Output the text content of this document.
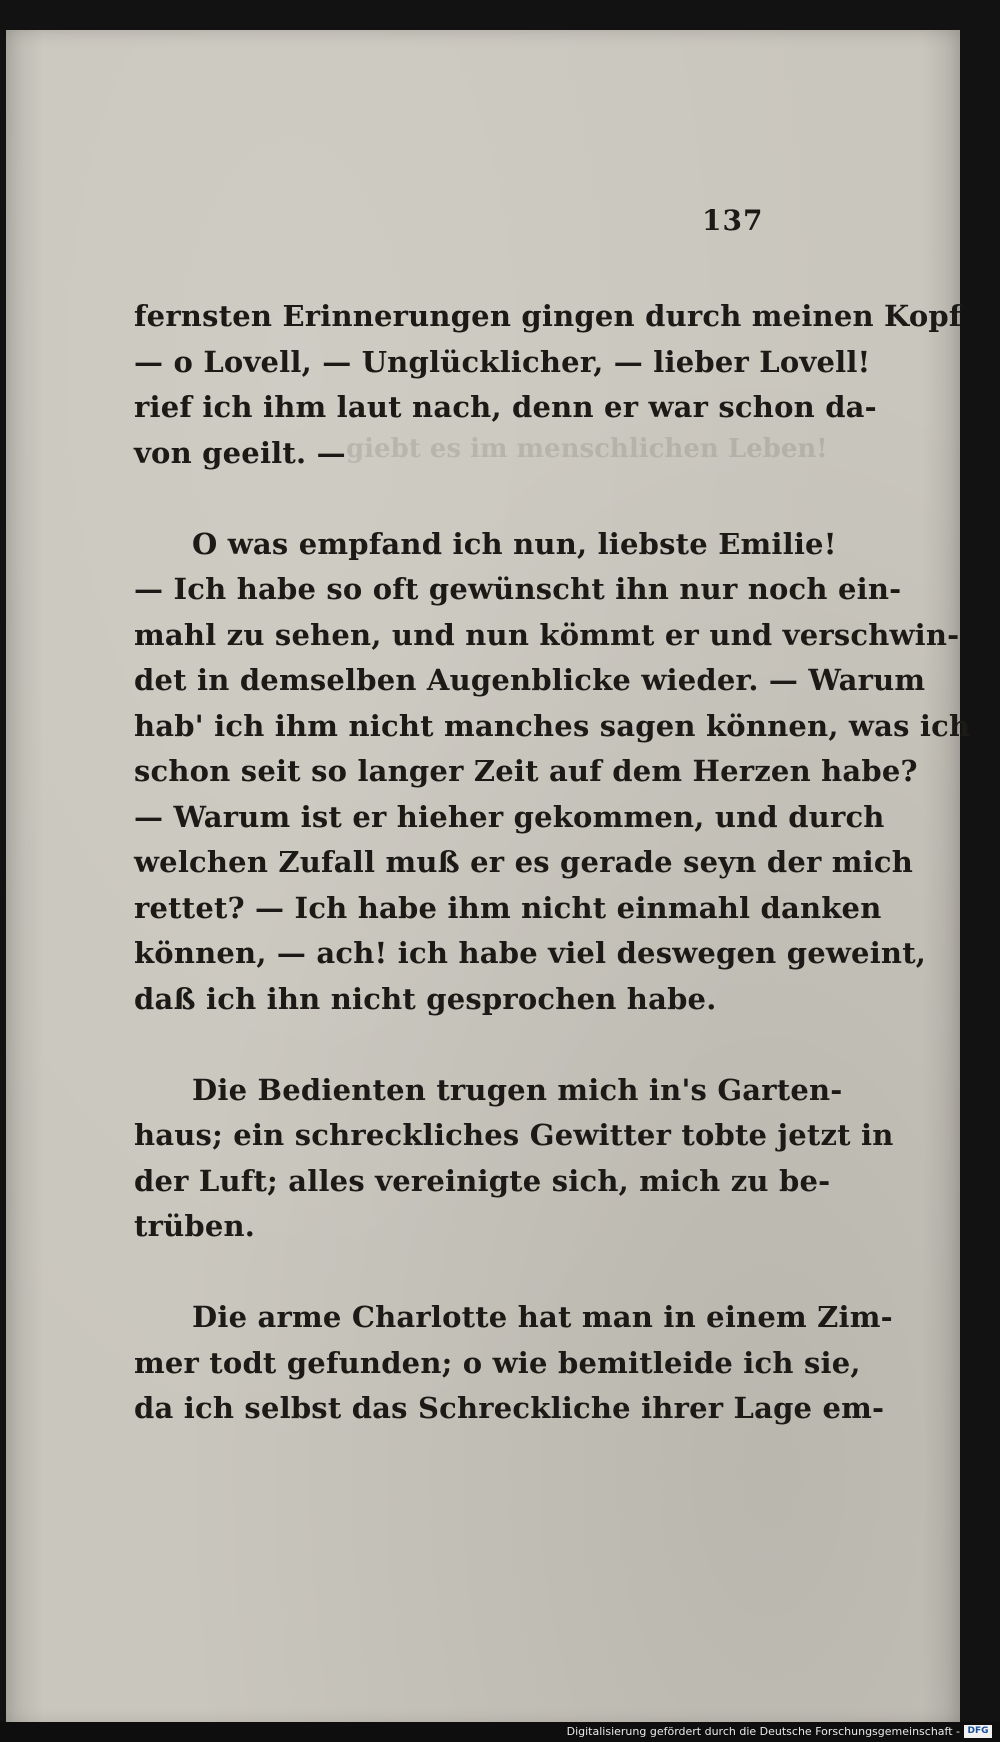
137
giebt es im menschlichen Leben!
fernsten Erinnerungen gingen durch meinen Kopf
— o Lovell, — Unglücklicher, — lieber Lovell!
rief ich ihm laut nach, denn er war schon da-
von geeilt. —
O was empfand ich nun, liebste Emilie!
— Ich habe so oft gewünscht ihn nur noch ein-
mahl zu sehen, und nun kömmt er und verschwin-
det in demselben Augenblicke wieder. — Warum
hab' ich ihm nicht manches sagen können, was ich
schon seit so langer Zeit auf dem Herzen habe?
— Warum ist er hieher gekommen, und durch
welchen Zufall muß er es gerade seyn der mich
rettet? — Ich habe ihm nicht einmahl danken
können, — ach! ich habe viel deswegen geweint,
daß ich ihn nicht gesprochen habe.
Die Bedienten trugen mich in's Garten-
haus; ein schreckliches Gewitter tobte jetzt in
der Luft; alles vereinigte sich, mich zu be-
trüben.
Die arme Charlotte hat man in einem Zim-
mer todt gefunden; o wie bemitleide ich sie,
da ich selbst das Schreckliche ihrer Lage em-
Digitalisierung gefördert durch die Deutsche Forschungsgemeinschaft - DFG
